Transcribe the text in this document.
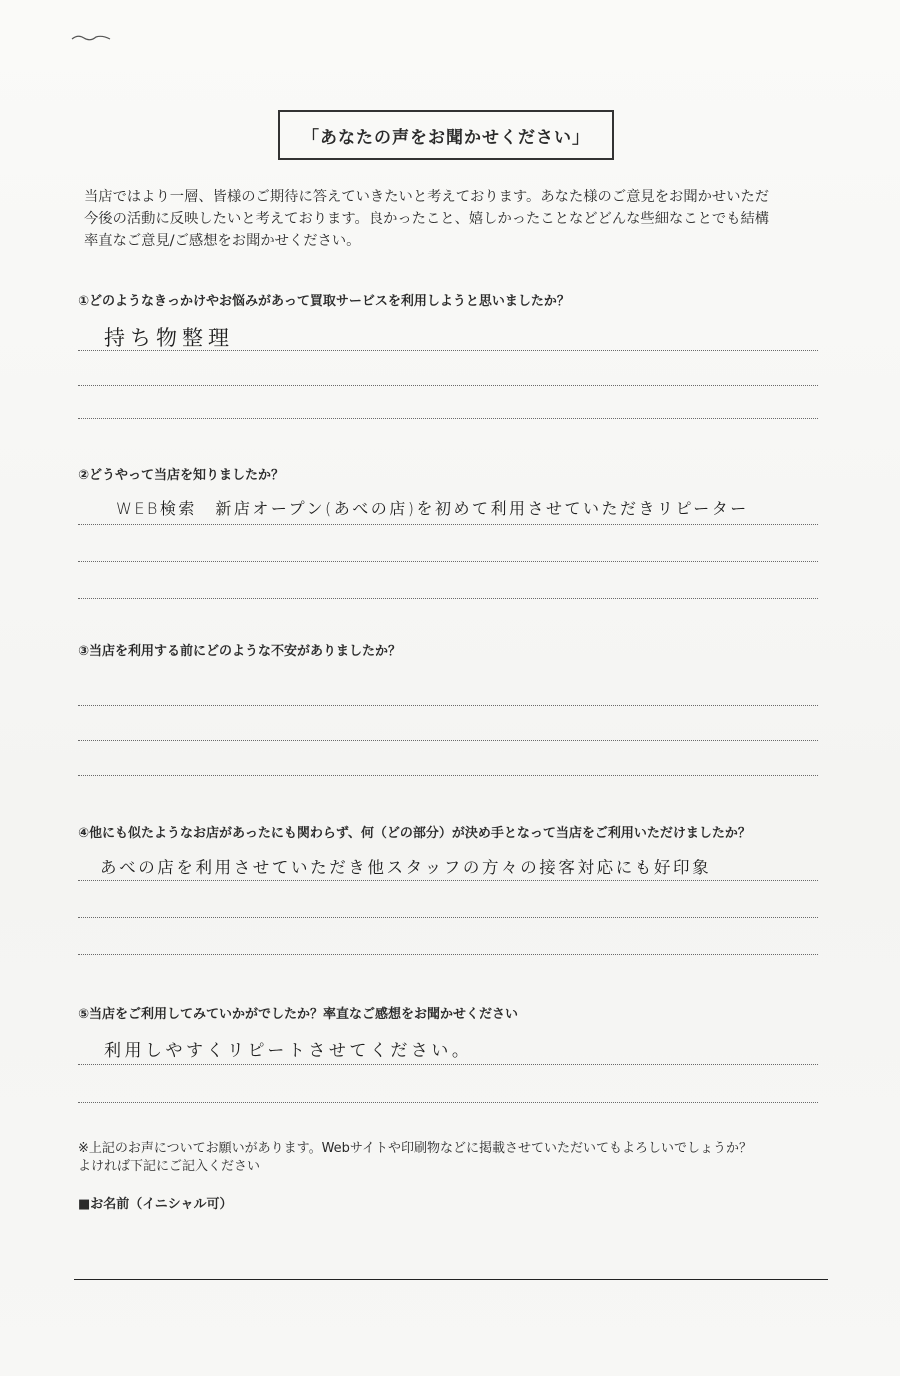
「あなたの声をお聞かせください」
当店ではより一層、皆様のご期待に答えていきたいと考えております。あなた様のご意見をお聞かせいただ
今後の活動に反映したいと考えております。良かったこと、嬉しかったことなどどんな些細なことでも結構
率直なご意見/ご感想をお聞かせください。
①どのようなきっかけやお悩みがあって買取サービスを利用しようと思いましたか？
持ち物整理
②どうやって当店を知りましたか？
WEB検索　新店オープン(あべの店)を初めて利用させていただきリピーター
③当店を利用する前にどのような不安がありましたか？
④他にも似たようなお店があったにも関わらず、何（どの部分）が決め手となって当店をご利用いただけましたか？
あべの店を利用させていただき他スタッフの方々の接客対応にも好印象
⑤当店をご利用してみていかがでしたか？率直なご感想をお聞かせください
利用しやすくリピートさせてください。
※上記のお声についてお願いがあります。Webサイトや印刷物などに掲載させていただいてもよろしいでしょうか？
よければ下記にご記入ください
■お名前（イニシャル可）
